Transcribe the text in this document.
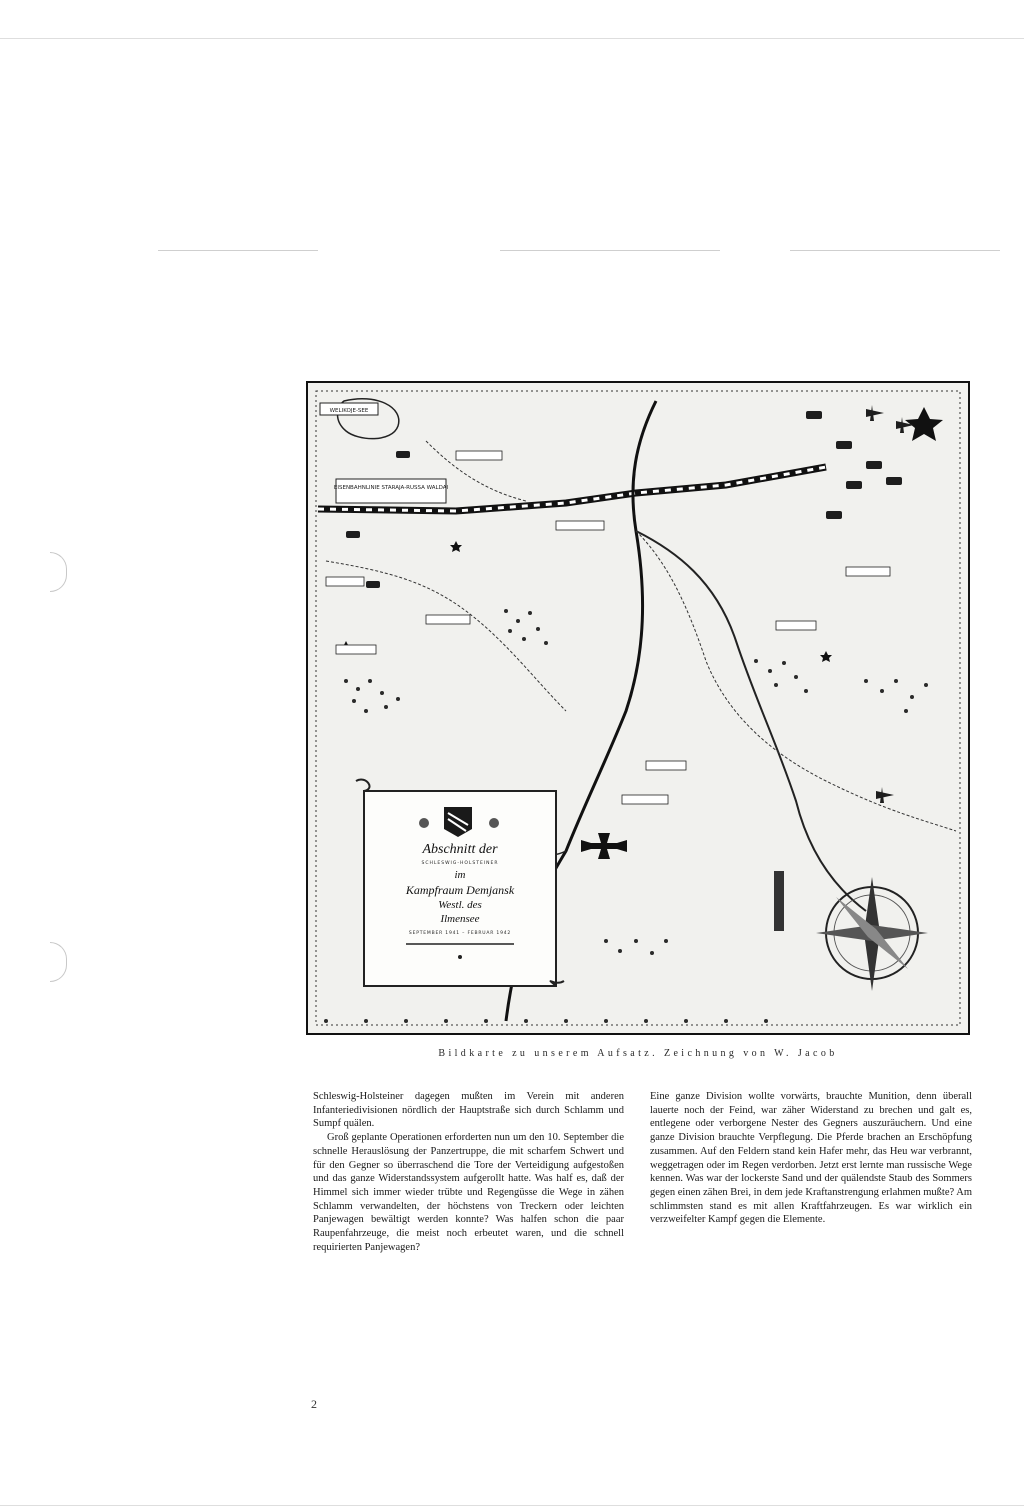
WELIKOJE-SEE
EISENBAHNLINIE STARAJA-RUSSA WALDAI
Abschnitt der
SCHLESWIG-HOLSTEINER
im
Kampfraum Demjansk
Westl. des
Ilmensee
SEPTEMBER 1941 – FEBRUAR 1942
Bildkarte zu unserem Aufsatz. Zeichnung von W. Jacob

Schleswig-Holsteiner dagegen mußten im Verein mit anderen Infanteriedivisionen nördlich der Hauptstraße sich durch Schlamm und Sumpf quälen.

Groß geplante Operationen erforderten nun um den 10. September die schnelle Herauslösung der Panzertruppe, die mit scharfem Schwert und für den Gegner so überraschend die Tore der Verteidigung aufgestoßen und das ganze Widerstandssystem aufgerollt hatte. Was half es, daß der Himmel sich immer wieder trübte und Regengüsse die Wege in zähen Schlamm verwandelten, der höchstens von Treckern oder leichten Panjewagen bewältigt werden konnte? Was halfen schon die paar Raupenfahrzeuge, die meist noch erbeutet waren, und die schnell requirierten Panjewagen?

Eine ganze Division wollte vorwärts, brauchte Munition, denn überall lauerte noch der Feind, war zäher Widerstand zu brechen und galt es, entlegene oder verborgene Nester des Gegners auszuräuchern. Und eine ganze Division brauchte Verpflegung. Die Pferde brachen an Erschöpfung zusammen. Auf den Feldern stand kein Hafer mehr, das Heu war verbrannt, weggetragen oder im Regen verdorben. Jetzt erst lernte man russische Wege kennen. Was war der lockerste Sand und der quälendste Staub des Sommers gegen einen zähen Brei, in dem jede Kraftanstrengung erlahmen mußte? Am schlimmsten stand es mit allen Kraftfahrzeugen. Es war wirklich ein verzweifelter Kampf gegen die Elemente.

2
